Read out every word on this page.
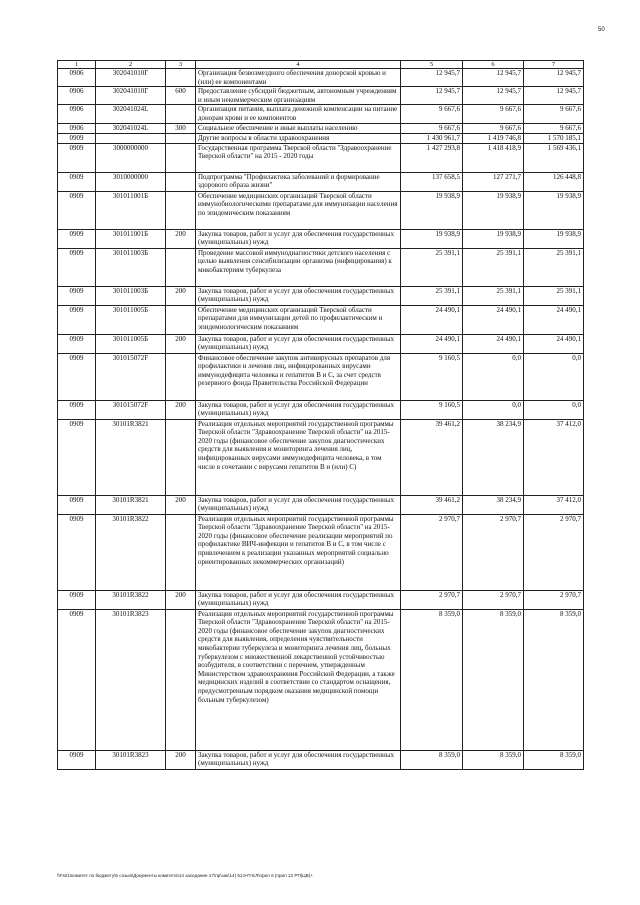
50
1	2	3	4	5	6	7
0906	302041010Г		Организация безвозмездного обеспечения донорской кровью и (или) ее компонентами	12 945,7	12 945,7	12 945,7
0906	302041010Г	600	Предоставление субсидий бюджетным, автономным учреждениям и иным некоммерческим организациям	12 945,7	12 945,7	12 945,7
0906	302041024L		Организация питания, выплата денежной компенсации на питание донорам крови и ее компонентов	9 667,6	9 667,6	9 667,6
0906	302041024L	300	Социальное обеспечение и иные выплаты населению	9 667,6	9 667,6	9 667,6
0909			Другие вопросы в области здравоохранения	1 430 961,7	1 419 746,8	1 570 185,1
0909	3000000000		Государственная программа Тверской области "Здравоохранение Тверской области" на 2015 - 2020 годы	1 427 293,8	1 418 418,9	1 569 436,1
0909	3010000000		Подпрограмма "Профилактика заболеваний и формирование здорового образа жизни"	137 658,5	127 271,7	126 448,8
0909	301011001Б		Обеспечение медицинских организаций Тверской области иммунобиологическими препаратами для иммунизации населения по эпидемическим показаниям	19 938,9	19 938,9	19 938,9
0909	301011001Б	200	Закупка товаров, работ и услуг для обеспечения государственных (муниципальных) нужд	19 938,9	19 938,9	19 938,9
0909	301011003Б		Проведение массовой иммунодиагностики детского населения с целью выявления сенсибилизации организма (инфицирования) к микобактериям туберкулеза	25 391,1	25 391,1	25 391,1
0909	301011003Б	200	Закупка товаров, работ и услуг для обеспечения государственных (муниципальных) нужд	25 391,1	25 391,1	25 391,1
0909	301011005Б		Обеспечение медицинских организаций Тверской области препаратами для иммунизации детей по профилактическим и эпидемиологическим показаниям	24 490,1	24 490,1	24 490,1
0909	301011005Б	200	Закупка товаров, работ и услуг для обеспечения государственных (муниципальных) нужд	24 490,1	24 490,1	24 490,1
0909	301015072F		Финансовое обеспечение закупок антивирусных препаратов для профилактики и лечения лиц, инфицированных вирусами иммунодефицита человека и гепатитов В и С, за счет средств резервного фонда Правительства Российской Федерации	9 160,5	0,0	0,0
0909	301015072F	200	Закупка товаров, работ и услуг для обеспечения государственных (муниципальных) нужд	9 160,5	0,0	0,0
0909	30101R3821		Реализация отдельных мероприятий государственной программы Тверской области "Здравоохранение Тверской области" на 2015-2020 годы (финансовое обеспечение закупок диагностических средств для выявления и мониторинга лечения лиц, инфицированных вирусами иммунодефицита человека, в том числе в сочетании с вирусами гепатитов В и (или) С)	39 461,2	38 234,9	37 412,0
0909	30101R3821	200	Закупка товаров, работ и услуг для обеспечения государственных (муниципальных) нужд	39 461,2	38 234,9	37 412,0
0909	30101R3822		Реализация отдельных мероприятий государственной программы Тверской области "Здравоохранение Тверской области" на 2015-2020 годы (финансовое обеспечение реализации мероприятий по профилактике ВИЧ-инфекции и гепатитов В и С, в том числе с привлечением к реализации указанных мероприятий социально ориентированных некоммерческих организаций)	2 970,7	2 970,7	2 970,7
0909	30101R3822	200	Закупка товаров, работ и услуг для обеспечения государственных (муниципальных) нужд	2 970,7	2 970,7	2 970,7
0909	30101R3823		Реализация отдельных мероприятий государственной программы Тверской области "Здравоохранение Тверской области" на 2015-2020 годы (финансовое обеспечение закупок диагностических средств для выявления, определения чувствительности микобактерии туберкулеза и мониторинга лечения лиц, больных туберкулезом с множественной лекарственной устойчивостью возбудителя, в соответствии с перечнем, утвержденным Министерством здравоохранения Российской Федерации, а также медицинских изделий в соответствии со стандартом оснащения, предусмотренным порядком оказания медицинской помощи больным туберкулезом)	8 359,0	8 359,0	8 359,0
0909	30101R3823	200	Закупка товаров, работ и услуг для обеспечения государственных (муниципальных) нужд	8 359,0	8 359,0	8 359,0
\\Fs01\комитет по бюджету\6 созыв\Документы комитета\14 заседание 17\пр\зак\14) 51Э-П-ЕЛ\прил 6 (прил 12 РП)ЦВ)+
